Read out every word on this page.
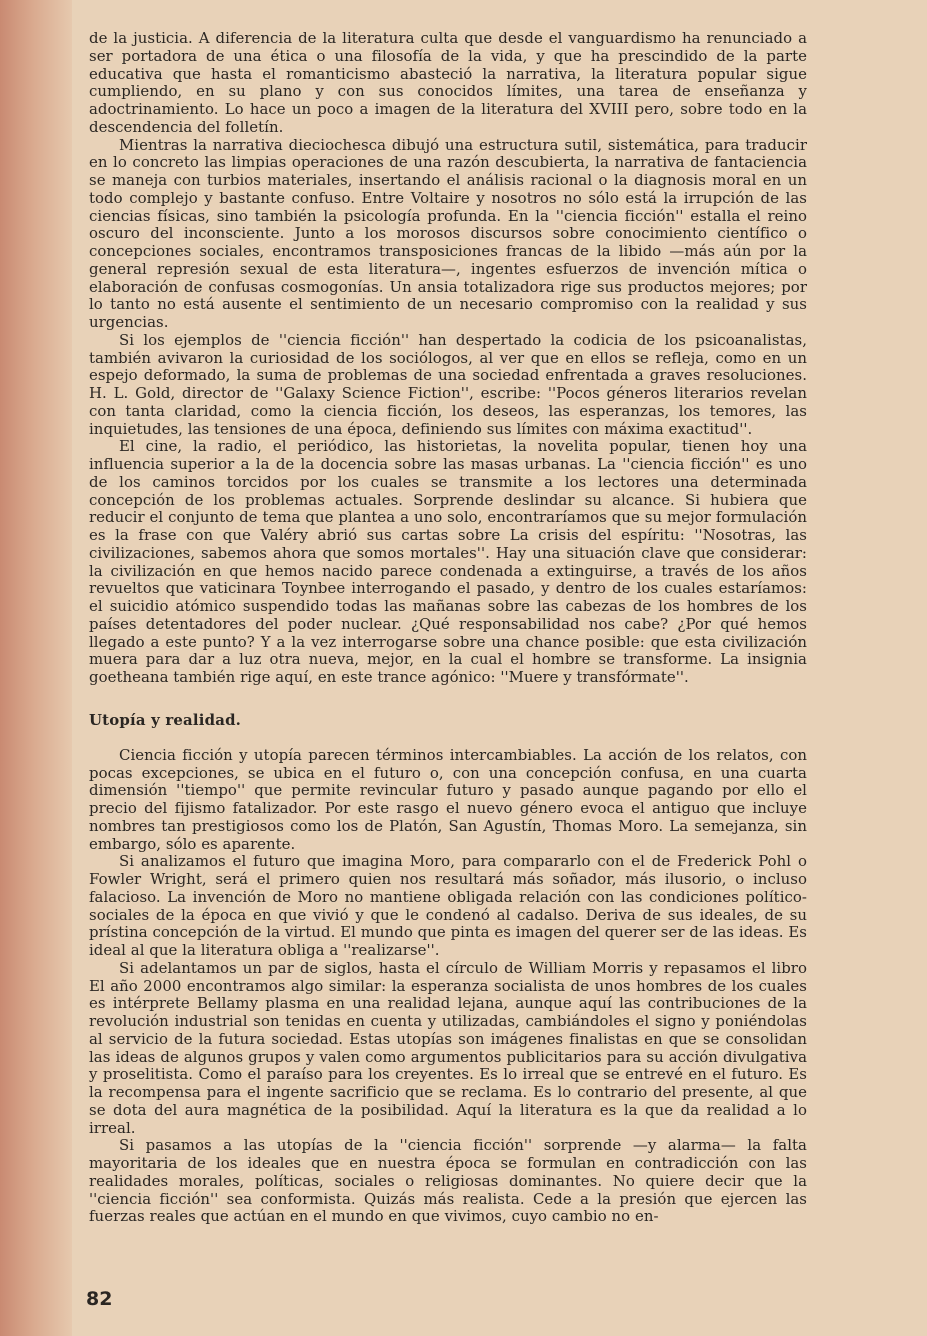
de la justicia. A diferencia de la literatura culta que desde el vanguardismo ha renunciado a ser portadora de una ética o una filosofía de la vida, y que ha prescindido de la parte educativa que hasta el romanticismo abasteció la narrativa, la literatura popular sigue cumpliendo, en su plano y con sus conocidos límites, una tarea de enseñanza y adoctrinamiento. Lo hace un poco a imagen de la literatura del XVIII pero, sobre todo en la descendencia del folletín.

Mientras la narrativa dieciochesca dibujó una estructura sutil, sistemática, para traducir en lo concreto las limpias operaciones de una razón descubierta, la narrativa de fantaciencia se maneja con turbios materiales, insertando el análisis racional o la diagnosis moral en un todo complejo y bastante confuso. Entre Voltaire y nosotros no sólo está la irrupción de las ciencias físicas, sino también la psicología profunda. En la ''ciencia ficción'' estalla el reino oscuro del inconsciente. Junto a los morosos discursos sobre conocimiento científico o concepciones sociales, encontramos transposiciones francas de la libido —más aún por la general represión sexual de esta literatura—, ingentes esfuerzos de invención mítica o elaboración de confusas cosmogonías. Un ansia totalizadora rige sus productos mejores; por lo tanto no está ausente el sentimiento de un necesario compromiso con la realidad y sus urgencias.

Si los ejemplos de ''ciencia ficción'' han despertado la codicia de los psicoanalistas, también avivaron la curiosidad de los sociólogos, al ver que en ellos se refleja, como en un espejo deformado, la suma de problemas de una sociedad enfrentada a graves resoluciones. H. L. Gold, director de ''Galaxy Science Fiction'', escribe: ''Pocos géneros literarios revelan con tanta claridad, como la ciencia ficción, los deseos, las esperanzas, los temores, las inquietudes, las tensiones de una época, definiendo sus límites con máxima exactitud''.

El cine, la radio, el periódico, las historietas, la novelita popular, tienen hoy una influencia superior a la de la docencia sobre las masas urbanas. La ''ciencia ficción'' es uno de los caminos torcidos por los cuales se transmite a los lectores una determinada concepción de los problemas actuales. Sorprende deslindar su alcance. Si hubiera que reducir el conjunto de tema que plantea a uno solo, encontraríamos que su mejor formulación es la frase con que Valéry abrió sus cartas sobre La crisis del espíritu: ''Nosotras, las civilizaciones, sabemos ahora que somos mortales''. Hay una situación clave que considerar: la civilización en que hemos nacido parece condenada a extinguirse, a través de los años revueltos que vaticinara Toynbee interrogando el pasado, y dentro de los cuales estaríamos: el suicidio atómico suspendido todas las mañanas sobre las cabezas de los hombres de los países detentadores del poder nuclear. ¿Qué responsabilidad nos cabe? ¿Por qué hemos llegado a este punto? Y a la vez interrogarse sobre una chance posible: que esta civilización muera para dar a luz otra nueva, mejor, en la cual el hombre se transforme. La insignia goetheana también rige aquí, en este trance agónico: ''Muere y transfórmate''.

Utopía y realidad.

Ciencia ficción y utopía parecen términos intercambiables. La acción de los relatos, con pocas excepciones, se ubica en el futuro o, con una concepción confusa, en una cuarta dimensión ''tiempo'' que permite revincular futuro y pasado aunque pagando por ello el precio del fijismo fatalizador. Por este rasgo el nuevo género evoca el antiguo que incluye nombres tan prestigiosos como los de Platón, San Agustín, Thomas Moro. La semejanza, sin embargo, sólo es aparente.

Si analizamos el futuro que imagina Moro, para compararlo con el de Frederick Pohl o Fowler Wright, será el primero quien nos resultará más soñador, más ilusorio, o incluso falacioso. La invención de Moro no mantiene obligada relación con las condiciones político-sociales de la época en que vivió y que le condenó al cadalso. Deriva de sus ideales, de su prístina concepción de la virtud. El mundo que pinta es imagen del querer ser de las ideas. Es ideal al que la literatura obliga a ''realizarse''.

Si adelantamos un par de siglos, hasta el círculo de William Morris y repasamos el libro El año 2000 encontramos algo similar: la esperanza socialista de unos hombres de los cuales es intérprete Bellamy plasma en una realidad lejana, aunque aquí las contribuciones de la revolución industrial son tenidas en cuenta y utilizadas, cambiándoles el signo y poniéndolas al servicio de la futura sociedad. Estas utopías son imágenes finalistas en que se consolidan las ideas de algunos grupos y valen como argumentos publicitarios para su acción divulgativa y proselitista. Como el paraíso para los creyentes. Es lo irreal que se entrevé en el futuro. Es la recompensa para el ingente sacrificio que se reclama. Es lo contrario del presente, al que se dota del aura magnética de la posibilidad. Aquí la literatura es la que da realidad a lo irreal.

Si pasamos a las utopías de la ''ciencia ficción'' sorprende —y alarma— la falta mayoritaria de los ideales que en nuestra época se formulan en contradicción con las realidades morales, políticas, sociales o religiosas dominantes. No quiere decir que la ''ciencia ficción'' sea conformista. Quizás más realista. Cede a la presión que ejercen las fuerzas reales que actúan en el mundo en que vivimos, cuyo cambio no en-

82
